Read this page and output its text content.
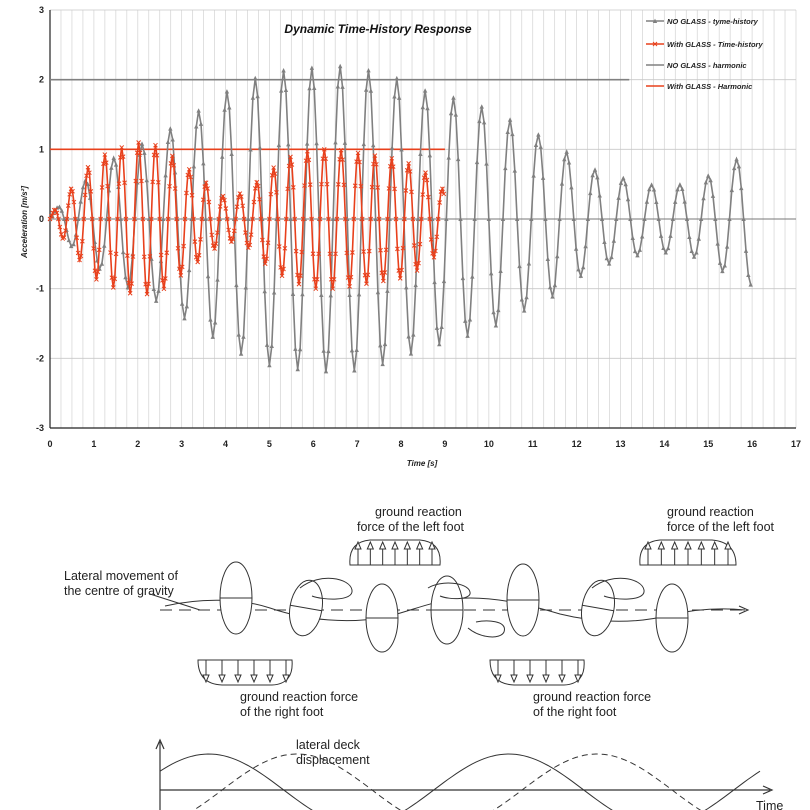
0	1	2	3	4	5	6	7	8	9	10	11	12	13	14	15	16	17
3
2
1
0
-1
-2
-3
Dynamic Time-History Response
Time [s]
Acceleration [m/s²]
NO GLASS - tyme-history
With GLASS - Time-history
NO GLASS - harmonic
With GLASS - Harmonic
ground reaction
force of the left foot
ground reaction
force of the left foot
Lateral movement of
the centre of gravity
ground reaction force
of the right foot
ground reaction force
of the right foot
lateral deck
displacement
Time
